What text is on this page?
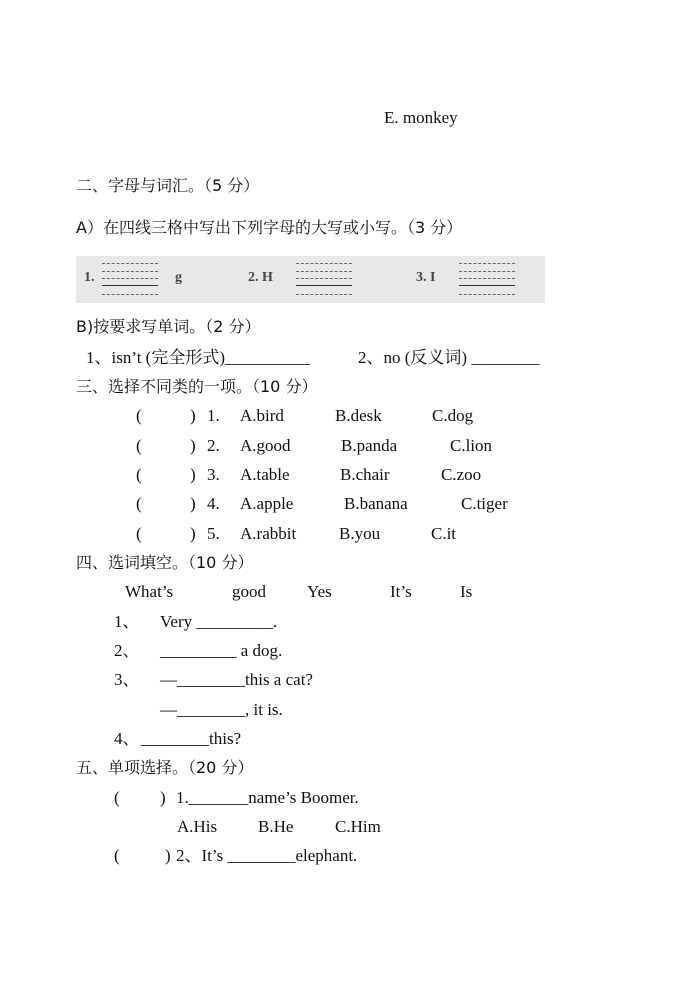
E. monkey
二、字母与词汇。（5 分）
A）在四线三格中写出下列字母的大写或小写。（3 分）
1.	g	2. H	3. I
B)按要求写单词。（2 分）
1、isn’t (完全形式)__________	2、no (反义词) ________
三、选择不同类的一项。（10 分）
(	) 1. A.bird	B.desk	C.dog
(	) 2. A.good	B.panda	C.lion
(	) 3. A.table	B.chair	C.zoo
(	) 4. A.apple	B.banana	C.tiger
(	) 5. A.rabbit	B.you	C.it
四、选词填空。（10 分）
What’s	good Yes	It’s	Is
1、 Very _________.
2、 _________ a dog.
3、 —________this a cat?
—________, it is.
4、 ________this?
五、单项选择。（20 分）
( ) 1._______name’s Boomer.
A.His B.He C.Him
(	) 2、It’s ________elephant.
